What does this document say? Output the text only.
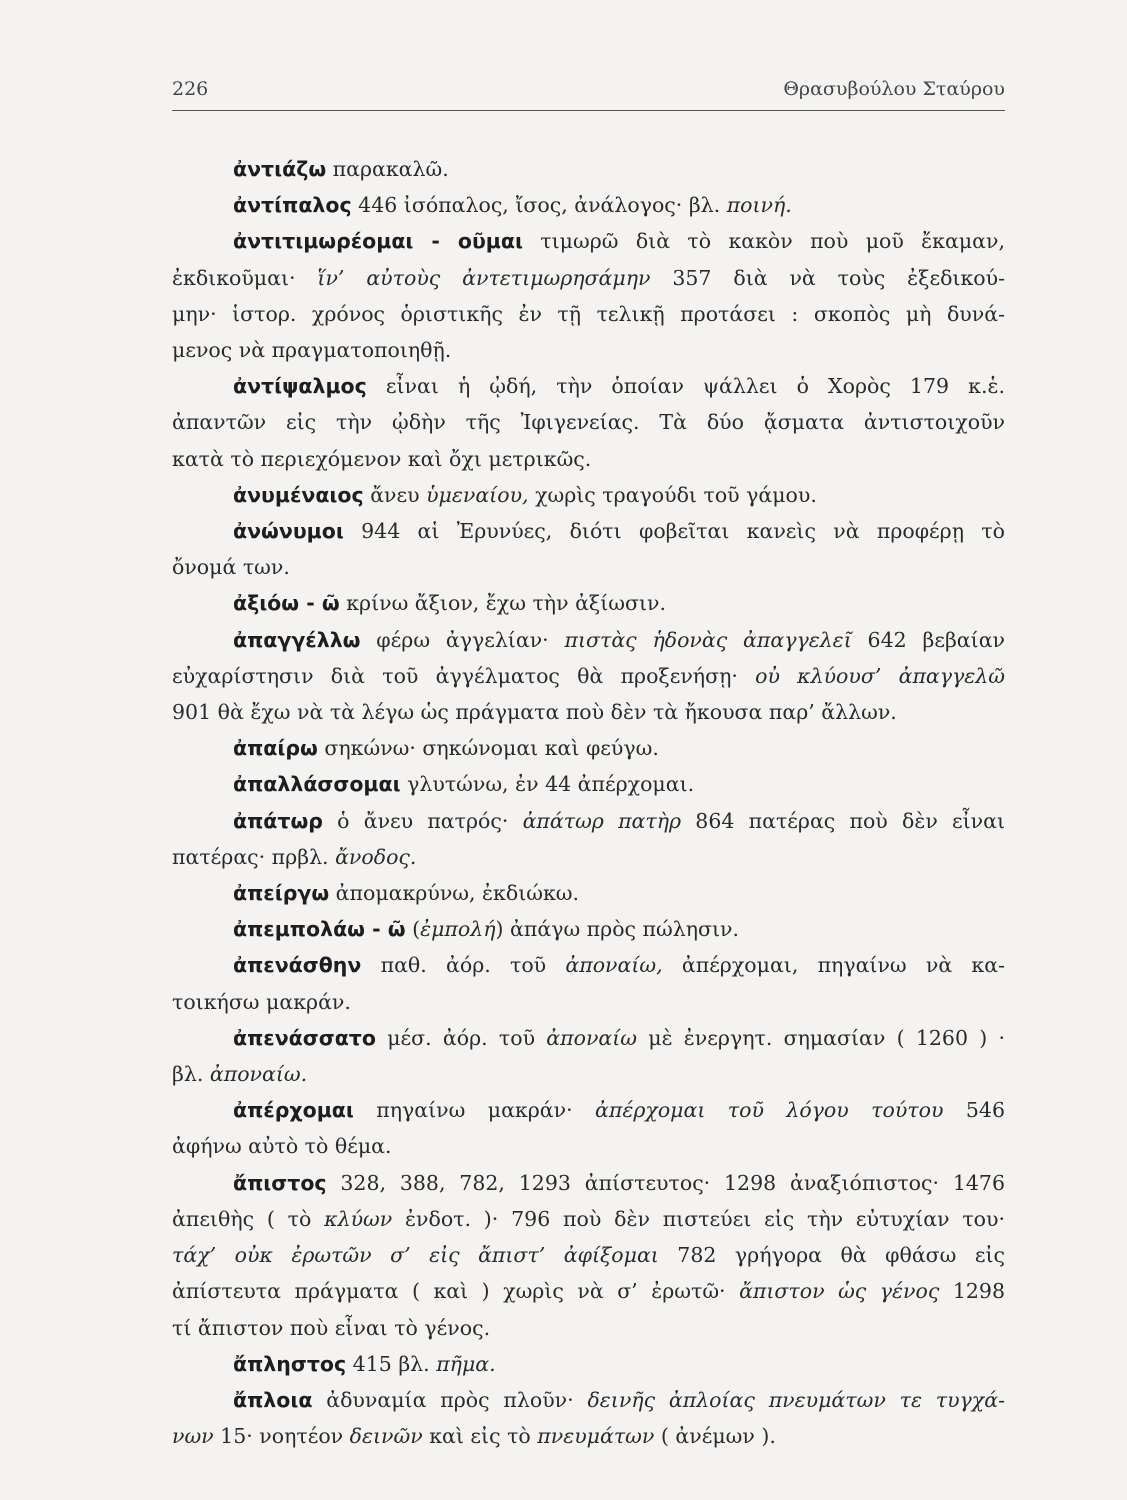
226	Θρασυβούλου Σταύρου
ἀντιάζω παρακαλῶ.
ἀντίπαλος 446 ἰσόπαλος, ἴσος, ἀνάλογος· βλ. ποινή.
ἀντιτιμωρέομαι - οῦμαι τιμωρῶ διὰ τὸ κακὸν ποὺ μοῦ ἔκαμαν,
ἐκδικοῦμαι· ἵν’ αὐτοὺς ἀντετιμωρησάμην 357 διὰ νὰ τοὺς ἐξεδικού-
μην· ἱστορ. χρόνος ὁριστικῆς ἐν τῇ τελικῇ προτάσει : σκοπὸς μὴ δυνά-
μενος νὰ πραγματοποιηθῇ.
ἀντίψαλμος εἶναι ἡ ᾠδή, τὴν ὁποίαν ψάλλει ὁ Χορὸς 179 κ.ἑ.
ἀπαντῶν εἰς τὴν ᾠδὴν τῆς Ἰφιγενείας. Τὰ δύο ᾄσματα ἀντιστοιχοῦν
κατὰ τὸ περιεχόμενον καὶ ὄχι μετρικῶς.
ἀνυμέναιος ἄνευ ὑμεναίου, χωρὶς τραγούδι τοῦ γάμου.
ἀνώνυμοι 944 αἱ Ἐρυνύες, διότι φοβεῖται κανεὶς νὰ προφέρῃ τὸ
ὄνομά των.
ἀξιόω - ῶ κρίνω ἄξιον, ἔχω τὴν ἀξίωσιν.
ἀπαγγέλλω φέρω ἀγγελίαν· πιστὰς ἡδονὰς ἀπαγγελεῖ 642 βεβαίαν
εὐχαρίστησιν διὰ τοῦ ἀγγέλματος θὰ προξενήσῃ· οὐ κλύουσ’ ἀπαγγελῶ
901 θὰ ἔχω νὰ τὰ λέγω ὡς πράγματα ποὺ δὲν τὰ ἤκουσα παρ’ ἄλλων.
ἀπαίρω σηκώνω· σηκώνομαι καὶ φεύγω.
ἀπαλλάσσομαι γλυτώνω, ἐν 44 ἀπέρχομαι.
ἀπάτωρ ὁ ἄνευ πατρός· ἀπάτωρ πατὴρ 864 πατέρας ποὺ δὲν εἶναι
πατέρας· πρβλ. ἄνοδος.
ἀπείργω ἀπομακρύνω, ἐκδιώκω.
ἀπεμπολάω - ῶ (ἐμπολή) ἀπάγω πρὸς πώλησιν.
ἀπενάσθην παθ. ἀόρ. τοῦ ἀποναίω, ἀπέρχομαι, πηγαίνω νὰ κα-
τοικήσω μακράν.
ἀπενάσσατο μέσ. ἀόρ. τοῦ ἀποναίω μὲ ἐνεργητ. σημασίαν ( 1260 ) ·
βλ. ἀποναίω.
ἀπέρχομαι πηγαίνω μακράν· ἀπέρχομαι τοῦ λόγου τούτου 546
ἀφήνω αὐτὸ τὸ θέμα.
ἄπιστος 328, 388, 782, 1293 ἀπίστευτος· 1298 ἀναξιόπιστος· 1476
ἀπειθὴς ( τὸ κλύων ἐνδοτ. )· 796 ποὺ δὲν πιστεύει εἰς τὴν εὐτυχίαν του·
τάχ’ οὐκ ἐρωτῶν σ’ εἰς ἄπιστ’ ἀφίξομαι 782 γρήγορα θὰ φθάσω εἰς
ἀπίστευτα πράγματα ( καὶ ) χωρὶς νὰ σ’ ἐρωτῶ· ἄπιστον ὡς γένος 1298
τί ἄπιστον ποὺ εἶναι τὸ γένος.
ἄπληστος 415 βλ. πῆμα.
ἄπλοια ἀδυναμία πρὸς πλοῦν· δεινῆς ἀπλοίας πνευμάτων τε τυγχά-
νων 15· νοητέον δεινῶν καὶ εἰς τὸ πνευμάτων ( ἀνέμων ).
